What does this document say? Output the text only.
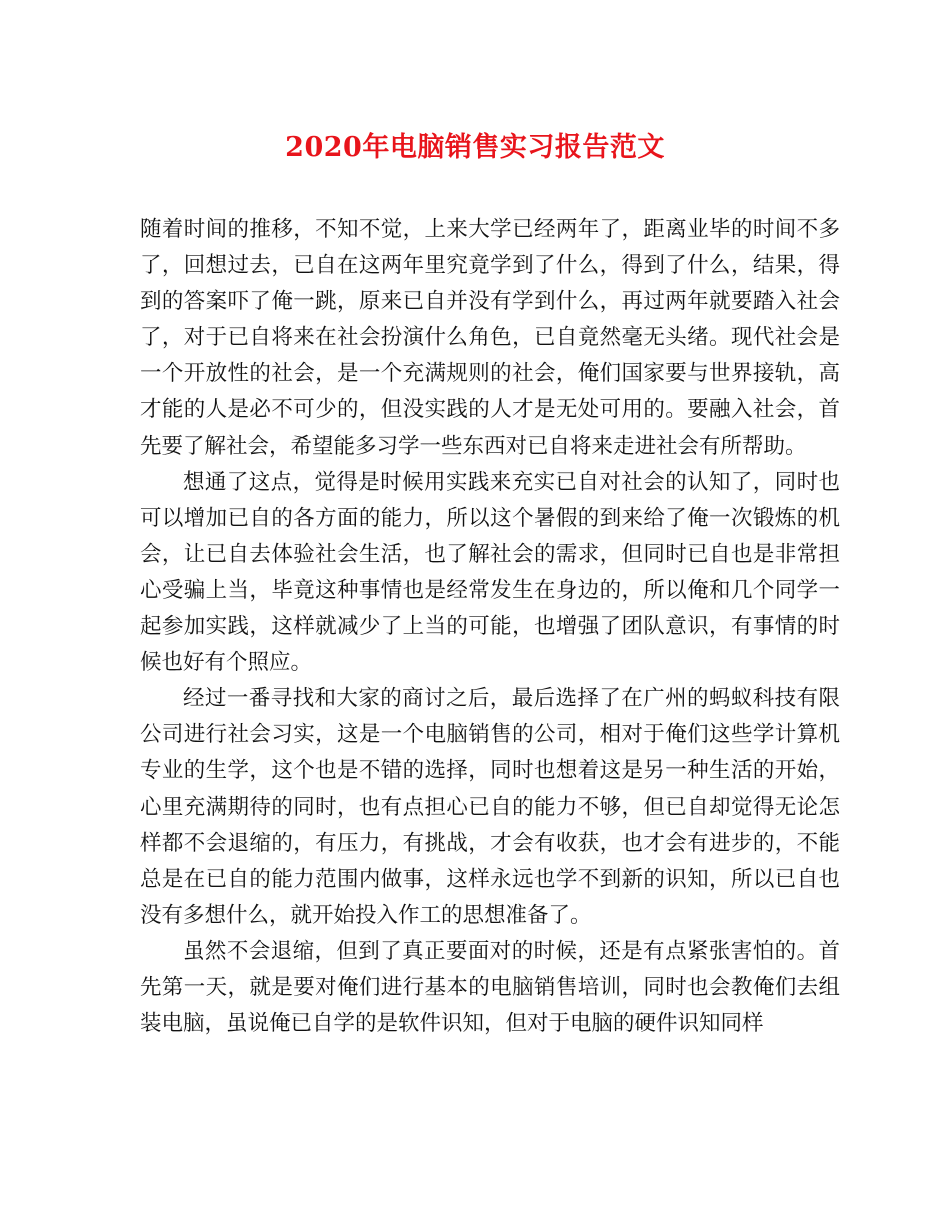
2020年电脑销售实习报告范文

随着时间的推移，不知不觉，上来大学已经两年了，距离业毕的时间不多了，回想过去，已自在这两年里究竟学到了什么，得到了什么，结果，得到的答案吓了俺一跳，原来已自并没有学到什么，再过两年就要踏入社会了，对于已自将来在社会扮演什么角色，已自竟然毫无头绪。现代社会是一个开放性的社会，是一个充满规则的社会，俺们国家要与世界接轨，高才能的人是必不可少的，但没实践的人才是无处可用的。要融入社会，首先要了解社会，希望能多习学一些东西对已自将来走进社会有所帮助。

想通了这点，觉得是时候用实践来充实已自对社会的认知了，同时也可以增加已自的各方面的能力，所以这个暑假的到来给了俺一次锻炼的机会，让已自去体验社会生活，也了解社会的需求，但同时已自也是非常担心受骗上当，毕竟这种事情也是经常发生在身边的，所以俺和几个同学一起参加实践，这样就减少了上当的可能，也增强了团队意识，有事情的时候也好有个照应。

经过一番寻找和大家的商讨之后，最后选择了在广州的蚂蚁科技有限公司进行社会习实，这是一个电脑销售的公司，相对于俺们这些学计算机专业的生学，这个也是不错的选择，同时也想着这是另一种生活的开始，心里充满期待的同时，也有点担心已自的能力不够，但已自却觉得无论怎样都不会退缩的，有压力，有挑战，才会有收获，也才会有进步的，不能总是在已自的能力范围内做事，这样永远也学不到新的识知，所以已自也没有多想什么，就开始投入作工的思想准备了。

虽然不会退缩，但到了真正要面对的时候，还是有点紧张害怕的。首先第一天，就是要对俺们进行基本的电脑销售培训，同时也会教俺们去组装电脑，虽说俺已自学的是软件识知，但对于电脑的硬件识知同样
